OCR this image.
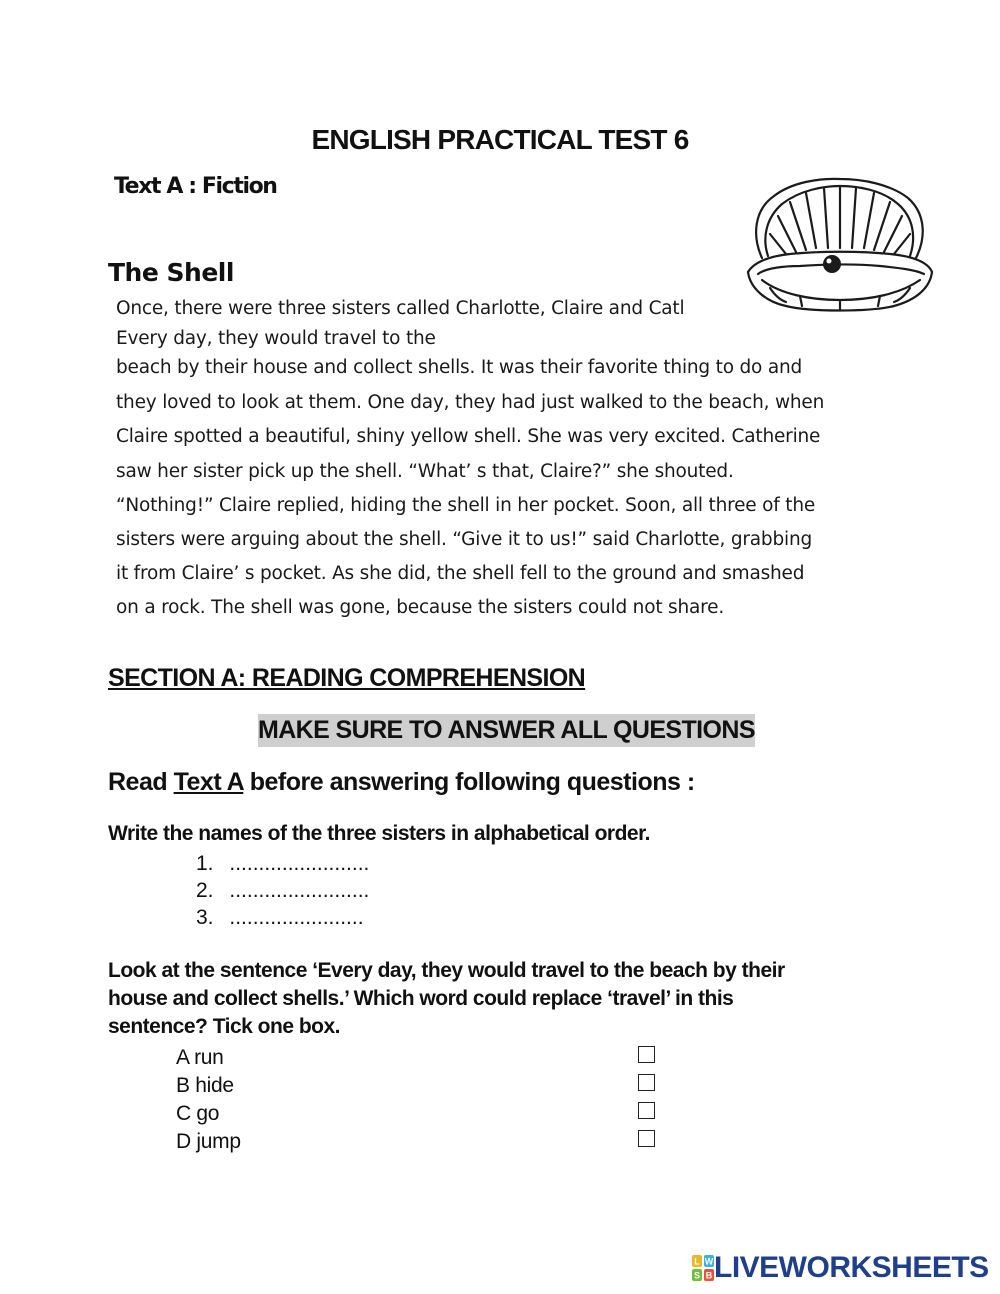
ENGLISH PRACTICAL TEST 6
Text A : Fiction
The Shell
Once, there were three sisters called Charlotte, Claire and Catl
Every day, they would travel to the
beach by their house and collect shells. It was their favorite thing to do and
they loved to look at them. One day, they had just walked to the beach, when
Claire spotted a beautiful, shiny yellow shell. She was very excited. Catherine
saw her sister pick up the shell. “What’ s that, Claire?” she shouted.
“Nothing!” Claire replied, hiding the shell in her pocket. Soon, all three of the
sisters were arguing about the shell. “Give it to us!” said Charlotte, grabbing
it from Claire’ s pocket. As she did, the shell fell to the ground and smashed
on a rock. The shell was gone, because the sisters could not share.
SECTION A: READING COMPREHENSION
MAKE SURE TO ANSWER ALL QUESTIONS
Read Text A before answering following questions :
Write the names of the three sisters in alphabetical order.
1. ........................
2. ........................
3. .......................
Look at the sentence ‘Every day, they would travel to the beach by their
house and collect shells.’ Which word could replace ‘travel’ in this
sentence? Tick one box.
A run
B hide
C go
D jump
L W
S B LIVEWORKSHEETS
